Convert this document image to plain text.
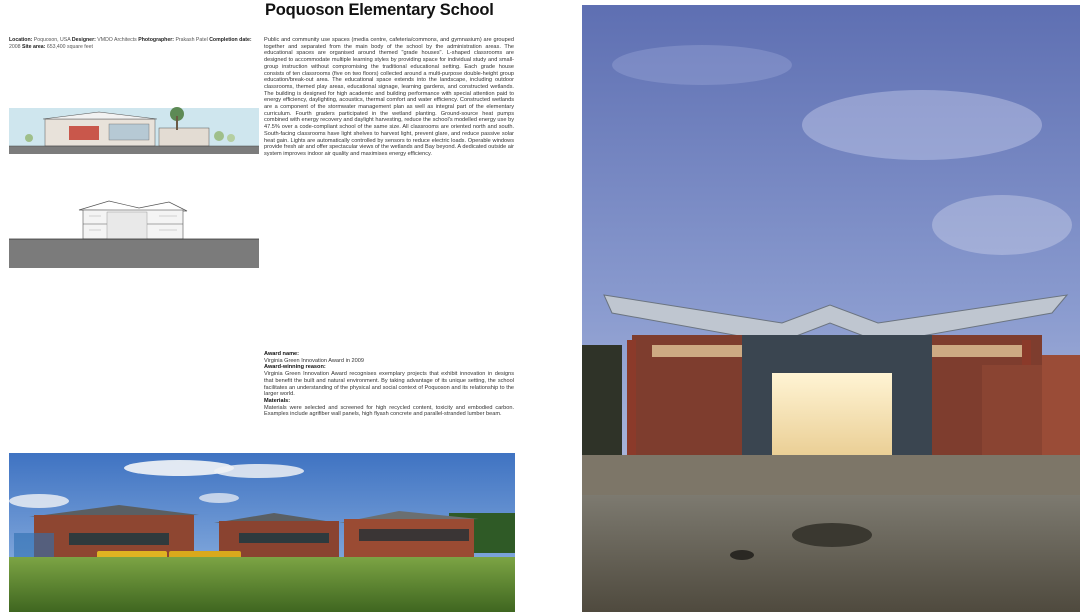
Poquoson Elementary School
Location: Poquoson, USA Designer: VMDO Architects Photographer: Prakash Patel Completion date: 2008 Site area: 653,400 square feet
Public and community use spaces (media centre, cafeteria/commons, and gymnasium) are grouped together and separated from the main body of the school by the administration areas. The educational spaces are organised around themed "grade houses". L-shaped classrooms are designed to accommodate multiple learning styles by providing space for individual study and small-group instruction without compromising the traditional educational setting. Each grade house consists of ten classrooms (five on two floors) collected around a multi-purpose double-height group education/break-out area. The educational space extends into the landscape, including outdoor classrooms, themed play areas, educational signage, learning gardens, and constructed wetlands. The building is designed for high academic and building performance with special attention paid to energy efficiency, daylighting, acoustics, thermal comfort and water efficiency. Constructed wetlands are a component of the stormwater management plan as well as integral part of the elementary curriculum. Fourth graders participated in the wetland planting. Ground-source heat pumps combined with energy recovery and daylight harvesting, reduce the school's modelled energy use by 47.5% over a code-compliant school of the same size. All classrooms are oriented north and south. South-facing classrooms have light shelves to harvest light, prevent glare, and reduce passive solar heat gain. Lights are automatically controlled by sensors to reduce electric loads. Operable windows provide fresh air and offer spectacular views of the wetlands and Bay beyond. A dedicated outside air system improves indoor air quality and maximises energy efficiency.
Award name:
Virginia Green Innovation Award in 2009
Award-winning reason:
Virginia Green Innovation Award recognises exemplary projects that exhibit innovation in designs that benefit the built and natural environment. By taking advantage of its unique setting, the school facilitates an understanding of the physical and social context of Poquoson and its relationship to the larger world.
Materials:
Materials were selected and screened for high recycled content, toxicity and embodied carbon. Examples include agrifiber wall panels, high flyash concrete and parallel-stranded lumber beam.
